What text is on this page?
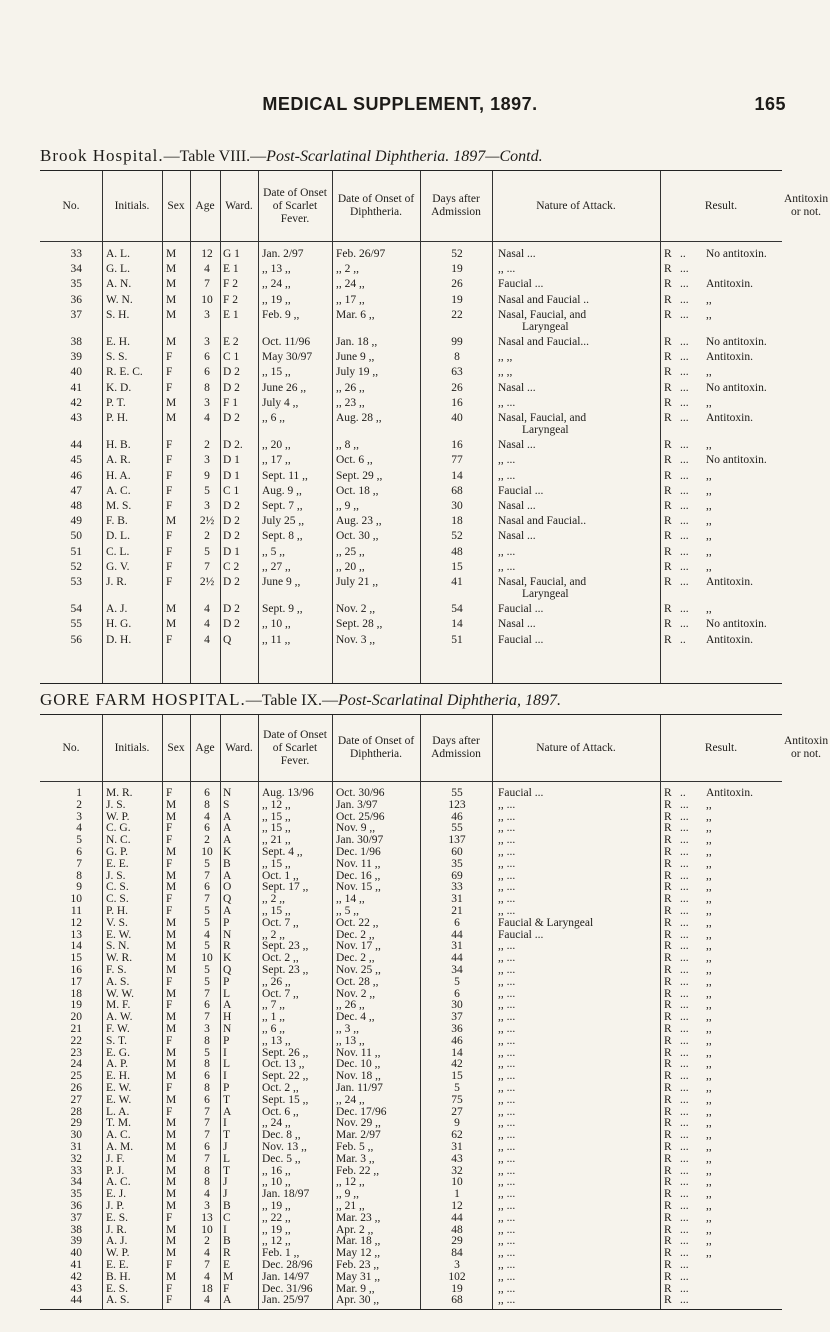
MEDICAL SUPPLEMENT, 1897.	165
Brook Hospital.—Table VIII.—Post-Scarlatinal Diphtheria. 1897—Contd.
No.	Initials.	Sex Age Ward.
Date of Onset of Scarlet Fever.
Date of Onset of Diphtheria.
Days after Admission
Nature of Attack.	Result.
Antitoxin or not.
33 A. L.	M	12 G 1	Jan. 2/97	Feb. 26/97	52	Nasal ...	R ..	No antitoxin.
34 G. L.	M	4	E 1	,, 13 ,,	,, 2 ,,	19	,, ...	R ...
35 A. N.	M	7	F 2	,, 24 ,,	,, 24 ,,	26	Faucial ...	R ...	Antitoxin.
36 W. N.	M	10 F 2	,, 19 ,,	,, 17 ,,	19	Nasal and Faucial ..	R ...	,,
37 S. H.	M	3	E 1	Feb. 9 ,,	Mar. 6 ,,	22	Nasal, Faucial, and	R ...	,,
Laryngeal
38 E. H.	M	3	E 2	Oct. 11/96	Jan. 18 ,,	99	Nasal and Faucial...	R ...	No antitoxin.
39 S. S.	F	6	C 1	May 30/97	June 9 ,,	8	,, ,,	R ...	Antitoxin.
40 R. E. C.	F	6	D 2	,, 15 ,,	July 19 ,,	63	,, ,,	R ...	,,
41 K. D.	F	8	D 2	June 26 ,,	,, 26 ,,	26	Nasal ...	R ...	No antitoxin.
42 P. T.	M	3	F 1	July 4 ,,	,, 23 ,,	16	,, ...	R ...	,,
43 P. H.	M	4	D 2	,, 6 ,,	Aug. 28 ,,	40	Nasal, Faucial, and	R ...	Antitoxin.
Laryngeal
44 H. B.	F	2	D 2.	,, 20 ,,	,, 8 ,,	16	Nasal ...	R ...	,,
45 A. R.	F	3	D 1	,, 17 ,,	Oct. 6 ,,	77	,, ...	R ...	No antitoxin.
46 H. A.	F	9	D 1	Sept. 11 ,,	Sept. 29 ,,	14	,, ...	R ...	,,
47 A. C.	F	5	C 1	Aug. 9 ,,	Oct. 18 ,,	68	Faucial ...	R ...	,,
48 M. S.	F	3	D 2	Sept. 7 ,,	,, 9 ,,	30	Nasal ...	R ...	,,
49 F. B.	M	2½ D 2	July 25 ,,	Aug. 23 ,,	18	Nasal and Faucial..	R ...	,,
50 D. L.	F	2	D 2	Sept. 8 ,,	Oct. 30 ,,	52	Nasal ...	R ...	,,
51 C. L.	F	5	D 1	,, 5 ,,	,, 25 ,,	48	,, ...	R ...	,,
52 G. V.	F	7	C 2	,, 27 ,,	,, 20 ,,	15	,, ...	R ...	,,
53 J. R.	F	2½ D 2	June 9 ,,	July 21 ,,	41	Nasal, Faucial, and	R ...	Antitoxin.
Laryngeal
54 A. J.	M	4	D 2	Sept. 9 ,,	Nov. 2 ,,	54	Faucial ...	R ...	,,
55 H. G.	M	4	D 2	,, 10 ,,	Sept. 28 ,,	14	Nasal ...	R ...	No antitoxin.
56 D. H.	F	4	Q	,, 11 ,,	Nov. 3 ,,	51	Faucial ...	R ..	Antitoxin.
GORE FARM HOSPITAL.—Table IX.—Post-Scarlatinal Diphtheria, 1897.
No.	Initials.	Sex Age Ward.
Date of Onset of Scarlet Fever.
Date of Onset of Diphtheria.
Days after Admission
Nature of Attack.	Result.
Antitoxin or not.
1 M. R.	F	6	N	Aug. 13/96	Oct. 30/96	55	Faucial ...	R ..	Antitoxin.
2 J. S.	M	8	S	,, 12 ,,	Jan. 3/97	123	,, ...	R ...	,,
3 W. P.	M	4	A	,, 15 ,,	Oct. 25/96	46	,, ...	R ...	,,
4 C. G.	F	6	A	,, 15 ,,	Nov. 9 ,,	55	,, ...	R ...	,,
5 N. C.	F	2	A	,, 21 ,,	Jan. 30/97	137	,, ...	R ...	,,
6 G. P.	M	10 K	Sept. 4 ,,	Dec. 1/96	60	,, ...	R ...	,,
7 E. E.	F	5	B	,, 15 ,,	Nov. 11 ,,	35	,, ...	R ...	,,
8 J. S.	M	7	A	Oct. 1 ,,	Dec. 16 ,,	69	,, ...	R ...	,,
9 C. S.	M	6	O	Sept. 17 ,,	Nov. 15 ,,	33	,, ...	R ...	,,
10 C. S.	F	7	Q	,, 2 ,,	,, 14 ,,	31	,, ...	R ...	,,
11 P. H.	F	5	A	,, 15 ,,	,, 5 ,,	21	,, ...	R ...	,,
12 V. S.	M	5	P	Oct. 7 ,,	Oct. 22 ,,	6	Faucial & Laryngeal	R ...	,,
13 E. W.	M	4	N	,, 2 ,,	Dec. 2 ,,	44	Faucial ...	R ...	,,
14 S. N.	M	5	R	Sept. 23 ,,	Nov. 17 ,,	31	,, ...	R ...	,,
15 W. R.	M	10 K	Oct. 2 ,,	Dec. 2 ,,	44	,, ...	R ...	,,
16 F. S.	M	5	Q	Sept. 23 ,,	Nov. 25 ,,	34	,, ...	R ...	,,
17 A. S.	F	5	P	,, 26 ,,	Oct. 28 ,,	5	,, ...	R ...	,,
18 W. W.	M	7	L	Oct. 7 ,,	Nov. 2 ,,	6	,, ...	R ...	,,
19 M. F.	F	6	A	,, 7 ,,	,, 26 ,,	30	,, ...	R ...	,,
20 A. W.	M	7	H	,, 1 ,,	Dec. 4 ,,	37	,, ...	R ...	,,
21 F. W.	M	3	N	,, 6 ,,	,, 3 ,,	36	,, ...	R ...	,,
22 S. T.	F	8	P	,, 13 ,,	,, 13 ,,	46	,, ...	R ...	,,
23 E. G.	M	5	I	Sept. 26 ,,	Nov. 11 ,,	14	,, ...	R ...	,,
24 A. P.	M	8	L	Oct. 13 ,,	Dec. 10 ,,	42	,, ...	R ...	,,
25 E. H.	M	6	I	Sept. 22 ,,	Nov. 18 ,,	15	,, ...	R ...	,,
26 E. W.	F	8	P	Oct. 2 ,,	Jan. 11/97	5	,, ...	R ...	,,
27 E. W.	M	6	T	Sept. 15 ,,	,, 24 ,,	75	,, ...	R ...	,,
28 L. A.	F	7	A	Oct. 6 ,,	Dec. 17/96	27	,, ...	R ...	,,
29 T. M.	M	7	I	,, 24 ,,	Nov. 29 ,,	9	,, ...	R ...	,,
30 A. C.	M	7	T	Dec. 8 ,,	Mar. 2/97	62	,, ...	R ...	,,
31 A. M.	M	6	J	Nov. 13 ,,	Feb. 5 ,,	31	,, ...	R ...	,,
32 J. F.	M	7	L	Dec. 5 ,,	Mar. 3 ,,	43	,, ...	R ...	,,
33 P. J.	M	8	T	,, 16 ,,	Feb. 22 ,,	32	,, ...	R ...	,,
34 A. C.	M	8	J	,, 10 ,,	,, 12 ,,	10	,, ...	R ...	,,
35 E. J.	M	4	J	Jan. 18/97	,, 9 ,,	1	,, ...	R ...	,,
36 J. P.	M	3	B	,, 19 ,,	,, 21 ,,	12	,, ...	R ...	,,
37 E. S.	F	13 C	,, 22 ,,	Mar. 23 ,,	44	,, ...	R ...	,,
38 J. R.	M	10 I	,, 19 ,,	Apr. 2 ,,	48	,, ...	R ...	,,
39 A. J.	M	2	B	,, 12 ,,	Mar. 18 ,,	29	,, ...	R ...	,,
40 W. P.	M	4	R	Feb. 1 ,,	May 12 ,,	84	,, ...	R ...	,,
41 E. E.	F	7	E	Dec. 28/96	Feb. 23 ,,	3	,, ...	R ...
42 B. H.	M	4	M	Jan. 14/97	May 31 ,,	102	,, ...	R ...
43 E. S.	F	18 F	Dec. 31/96	Mar. 9 ,,	19	,, ...	R ...
44 A. S.	F	4	A	Jan. 25/97	Apr. 30 ,,	68	,, ...	R ...
